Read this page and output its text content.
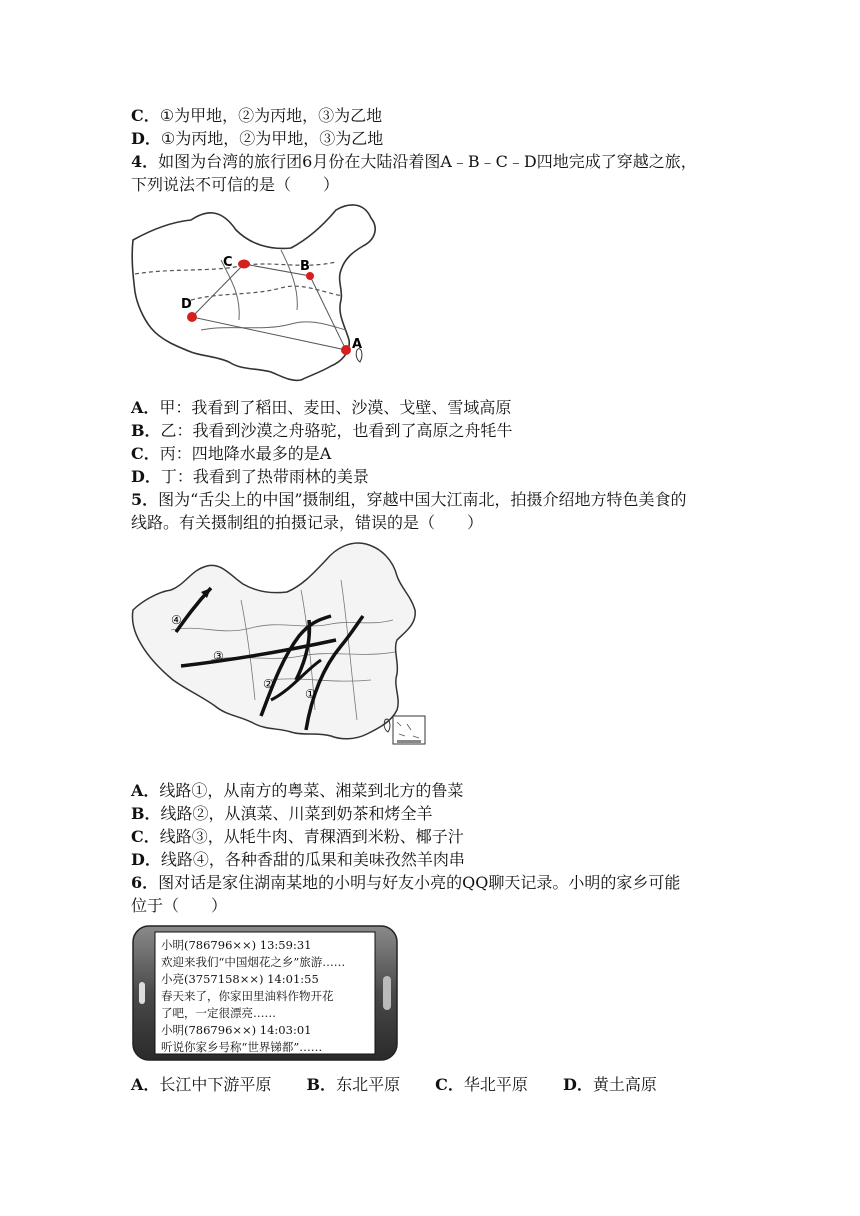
C．①为甲地，②为丙地，③为乙地
D．①为丙地，②为甲地，③为乙地
4．如图为台湾的旅行团6月份在大陆沿着图A﹣B﹣C﹣D四地完成了穿越之旅，
下列说法不可信的是（　　）
C	B
D
A
A．甲：我看到了稻田、麦田、沙漠、戈壁、雪域高原
B．乙：我看到沙漠之舟骆驼，也看到了高原之舟牦牛
C．丙：四地降水最多的是A
D．丁：我看到了热带雨林的美景
5．图为“舌尖上的中国”摄制组，穿越中国大江南北，拍摄介绍地方特色美食的
线路。有关摄制组的拍摄记录，错误的是（　　）
④
③
②
①
A．线路①，从南方的粤菜、湘菜到北方的鲁菜
B．线路②，从滇菜、川菜到奶茶和烤全羊
C．线路③，从牦牛肉、青稞酒到米粉、椰子汁
D．线路④，各种香甜的瓜果和美味孜然羊肉串
6．图对话是家住湖南某地的小明与好友小亮的QQ聊天记录。小明的家乡可能
位于（　　）
小明(786796××) 13:59:31
欢迎来我们“中国烟花之乡”旅游……
小亮(3757158××) 14:01:55
春天来了，你家田里油料作物开花
了吧，一定很漂亮……
小明(786796××) 14:03:01
听说你家乡号称“世界锑都”……
A．长江中下游平原 B．东北平原 C．华北平原 D．黄土高原
